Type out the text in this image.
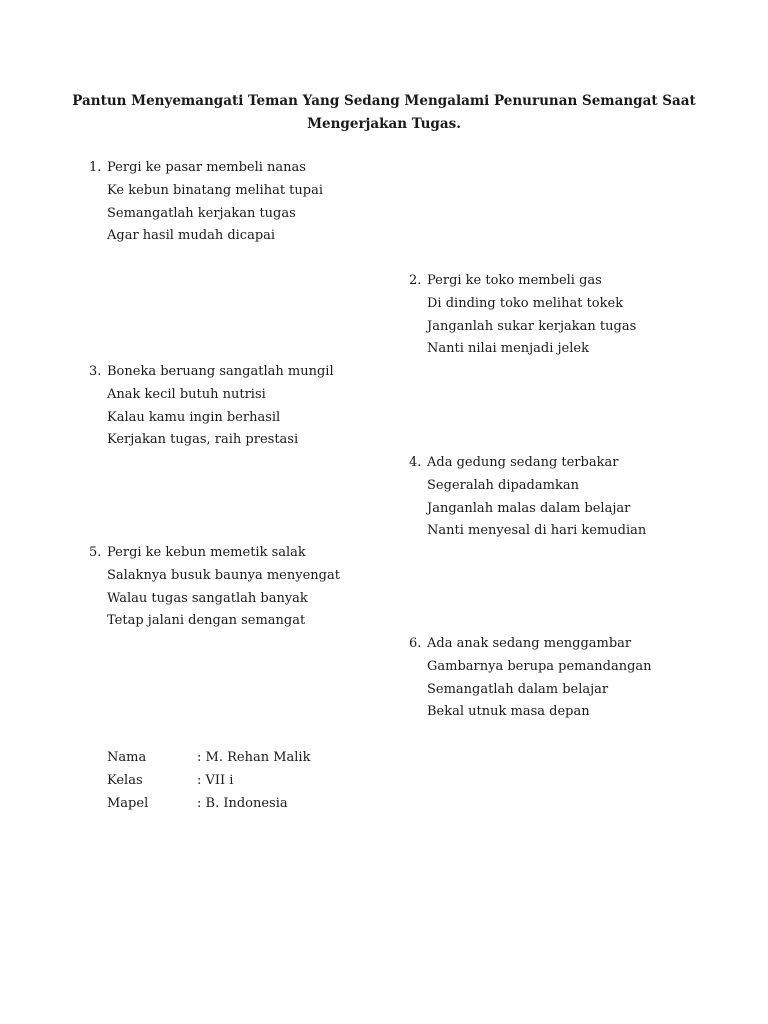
Pantun Menyemangati Teman Yang Sedang Mengalami Penurunan Semangat Saat
Mengerjakan Tugas.
1. Pergi ke pasar membeli nanas
Ke kebun binatang melihat tupai
Semangatlah kerjakan tugas
Agar hasil mudah dicapai
2. Pergi ke toko membeli gas
Di dinding toko melihat tokek
Janganlah sukar kerjakan tugas
Nanti nilai menjadi jelek
3. Boneka beruang sangatlah mungil
Anak kecil butuh nutrisi
Kalau kamu ingin berhasil
Kerjakan tugas, raih prestasi
4. Ada gedung sedang terbakar
Segeralah dipadamkan
Janganlah malas dalam belajar
Nanti menyesal di hari kemudian
5. Pergi ke kebun memetik salak
Salaknya busuk baunya menyengat
Walau tugas sangatlah banyak
Tetap jalani dengan semangat
6. Ada anak sedang menggambar
Gambarnya berupa pemandangan
Semangatlah dalam belajar
Bekal utnuk masa depan
Nama	: M. Rehan Malik
Kelas	: VII i
Mapel	: B. Indonesia
